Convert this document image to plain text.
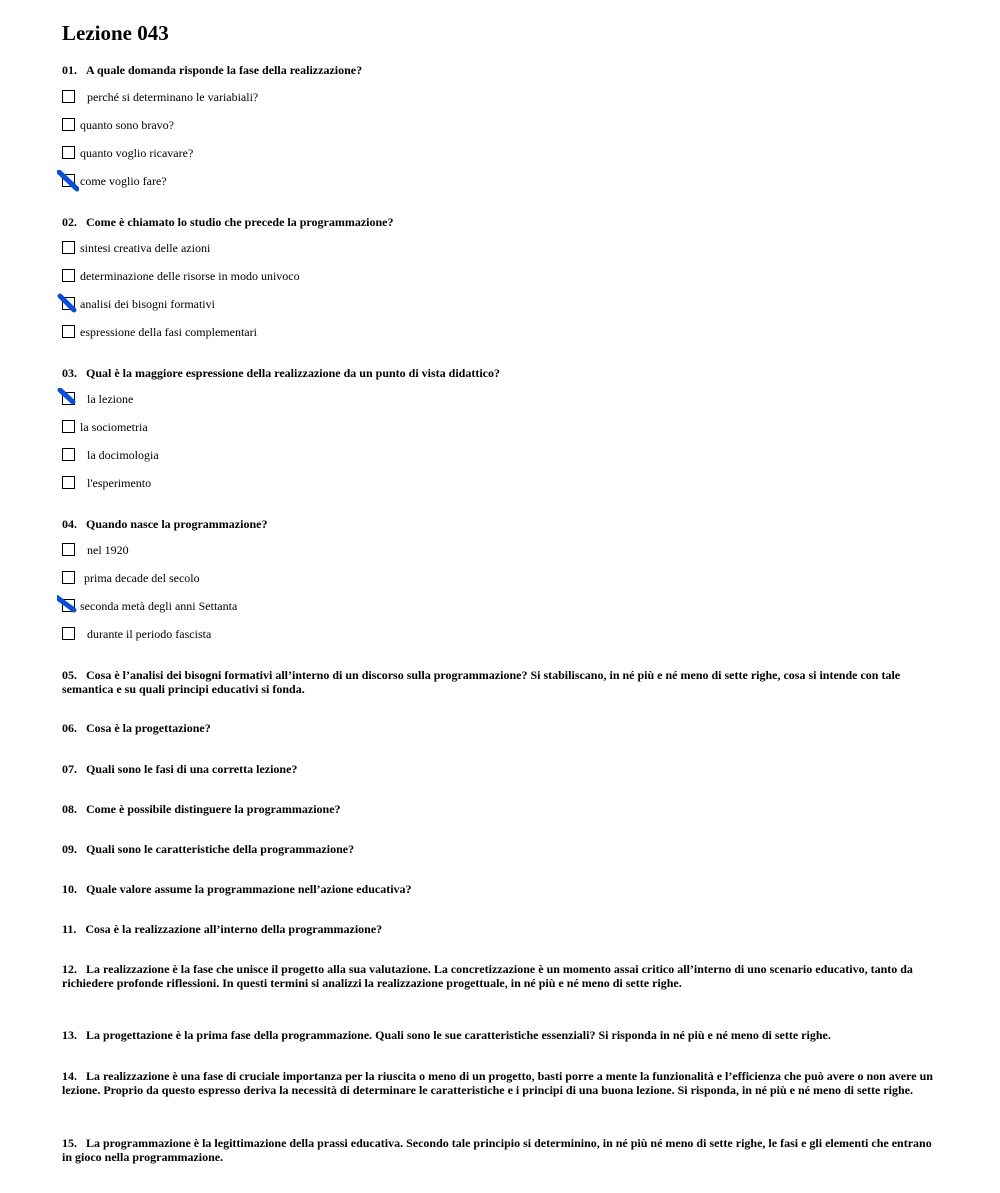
Lezione 043
01. A quale domanda risponde la fase della realizzazione?
perché si determinano le variabiali?
quanto sono bravo?
quanto voglio ricavare?
come voglio fare?
02. Come è chiamato lo studio che precede la programmazione?
sintesi creativa delle azioni
determinazione delle risorse in modo univoco
analisi dei bisogni formativi
espressione della fasi complementari
03. Qual è la maggiore espressione della realizzazione da un punto di vista didattico?
la lezione
la sociometria
la docimologia
l'esperimento
04. Quando nasce la programmazione?
nel 1920
prima decade del secolo
seconda metà degli anni Settanta
durante il periodo fascista
05. Cosa è l’analisi dei bisogni formativi all’interno di un discorso sulla programmazione? Si stabiliscano, in né più e né meno di sette righe, cosa si intende con tale semantica e su quali principi educativi si fonda.
06. Cosa è la progettazione?
07. Quali sono le fasi di una corretta lezione?
08. Come è possibile distinguere la programmazione?
09. Quali sono le caratteristiche della programmazione?
10. Quale valore assume la programmazione nell’azione educativa?
11. Cosa è la realizzazione all’interno della programmazione?
12. La realizzazione è la fase che unisce il progetto alla sua valutazione. La concretizzazione è un momento assai critico all’interno di uno scenario educativo, tanto da richiedere profonde riflessioni. In questi termini si analizzi la realizzazione progettuale, in né più e né meno di sette righe.
13. La progettazione è la prima fase della programmazione. Quali sono le sue caratteristiche essenziali? Si risponda in né più e né meno di sette righe.
14. La realizzazione è una fase di cruciale importanza per la riuscita o meno di un progetto, basti porre a mente la funzionalità e l’efficienza che può avere o non avere un lezione. Proprio da questo espresso deriva la necessità di determinare le caratteristiche e i principi di una buona lezione. Si risponda, in né più e né meno di sette righe.
15. La programmazione è la legittimazione della prassi educativa. Secondo tale principio si determinino, in né più né meno di sette righe, le fasi e gli elementi che entrano in gioco nella programmazione.
